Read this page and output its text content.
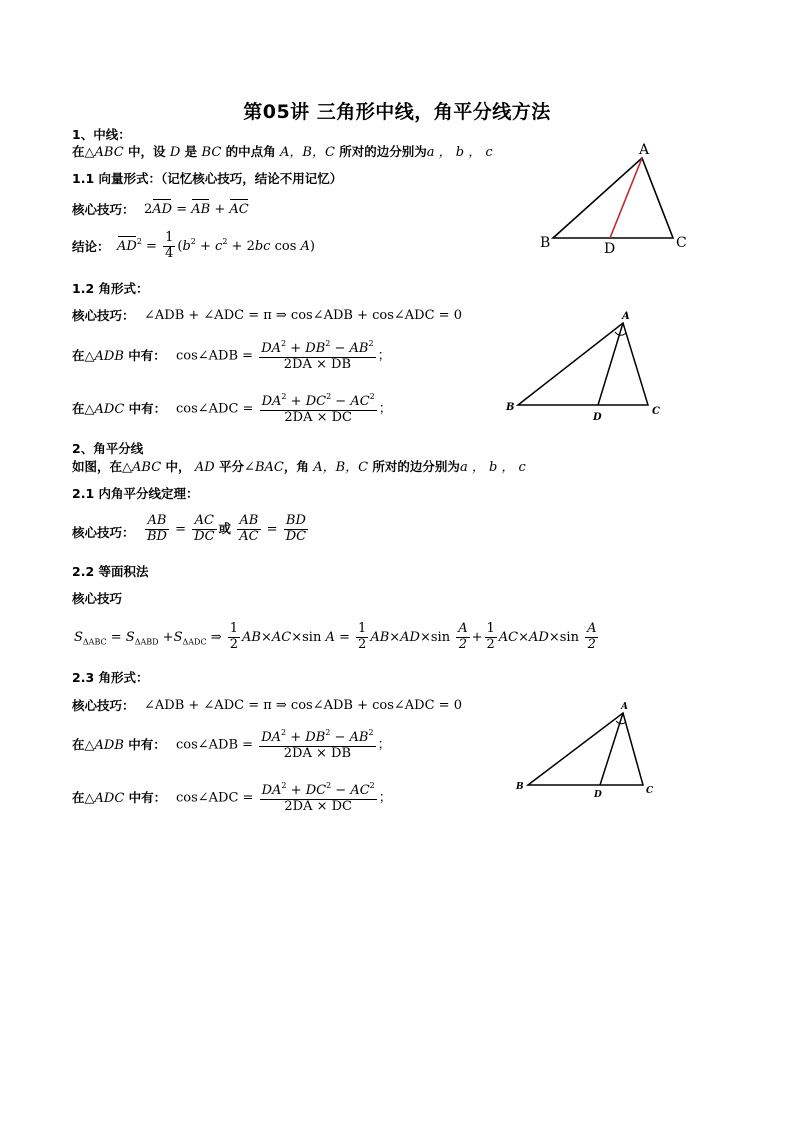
第05讲 三角形中线，角平分线方法
1、中线：
在△ABC 中，设 D 是 BC 的中点角 A，B，C 所对的边分别为a ， b ， c
1.1 向量形式：（记忆核心技巧，结论不用记忆）
核心技巧： 2AD = AB + AC
结论： $AD^2 = \frac{1}{4} (b^2 + c^2 + 2bc$ cos A)
1.2 角形式：
核心技巧： ∠ADB + ∠ADC = π ⇒ cos∠ADB + cos∠ADC = 0
在△ADB 中有： cos∠ADB = $\frac{DA^2 + DB^2 - AB^2}{2DA \times DB}$ ；
在△ADC 中有： cos∠ADC = $\frac{DA^2 + DC^2 - AC^2}{2DA \times DC}$ ；
2、角平分线
如图，在△ABC 中， AD 平分∠BAC，角 A，B，C 所对的边分别为a ， b ， c
2.1 内角平分线定理：
核心技巧： $\frac{AB}{BD} = \frac{AC}{DC}$ 或 $\frac{AB}{AC} = \frac{BD}{DC}$
2.2 等面积法
核心技巧
$S_{\Delta ABC} = S_{\Delta ABD} +S_{\Delta ADC}$ ⇒ $\frac{1}{2} AB\times AC\times\sin$ $A = \frac{1}{2} AB\times AD\times\sin \frac{A}{2} + \frac{1}{2} AC\times AD\times\sin \frac{A}{2}$
2.3 角形式：
核心技巧： ∠ADB + ∠ADC = π ⇒ cos∠ADB + cos∠ADC = 0
在△ADB 中有： cos∠ADB = $\frac{DA^2 + DB^2 - AB^2}{2DA \times DB}$ ；
在△ADC 中有： cos∠ADC = $\frac{DA^2 + DC^2 - AC^2}{2DA \times DC}$ ；
A
B	C
D
A
B	C
D
A
B	C
D
